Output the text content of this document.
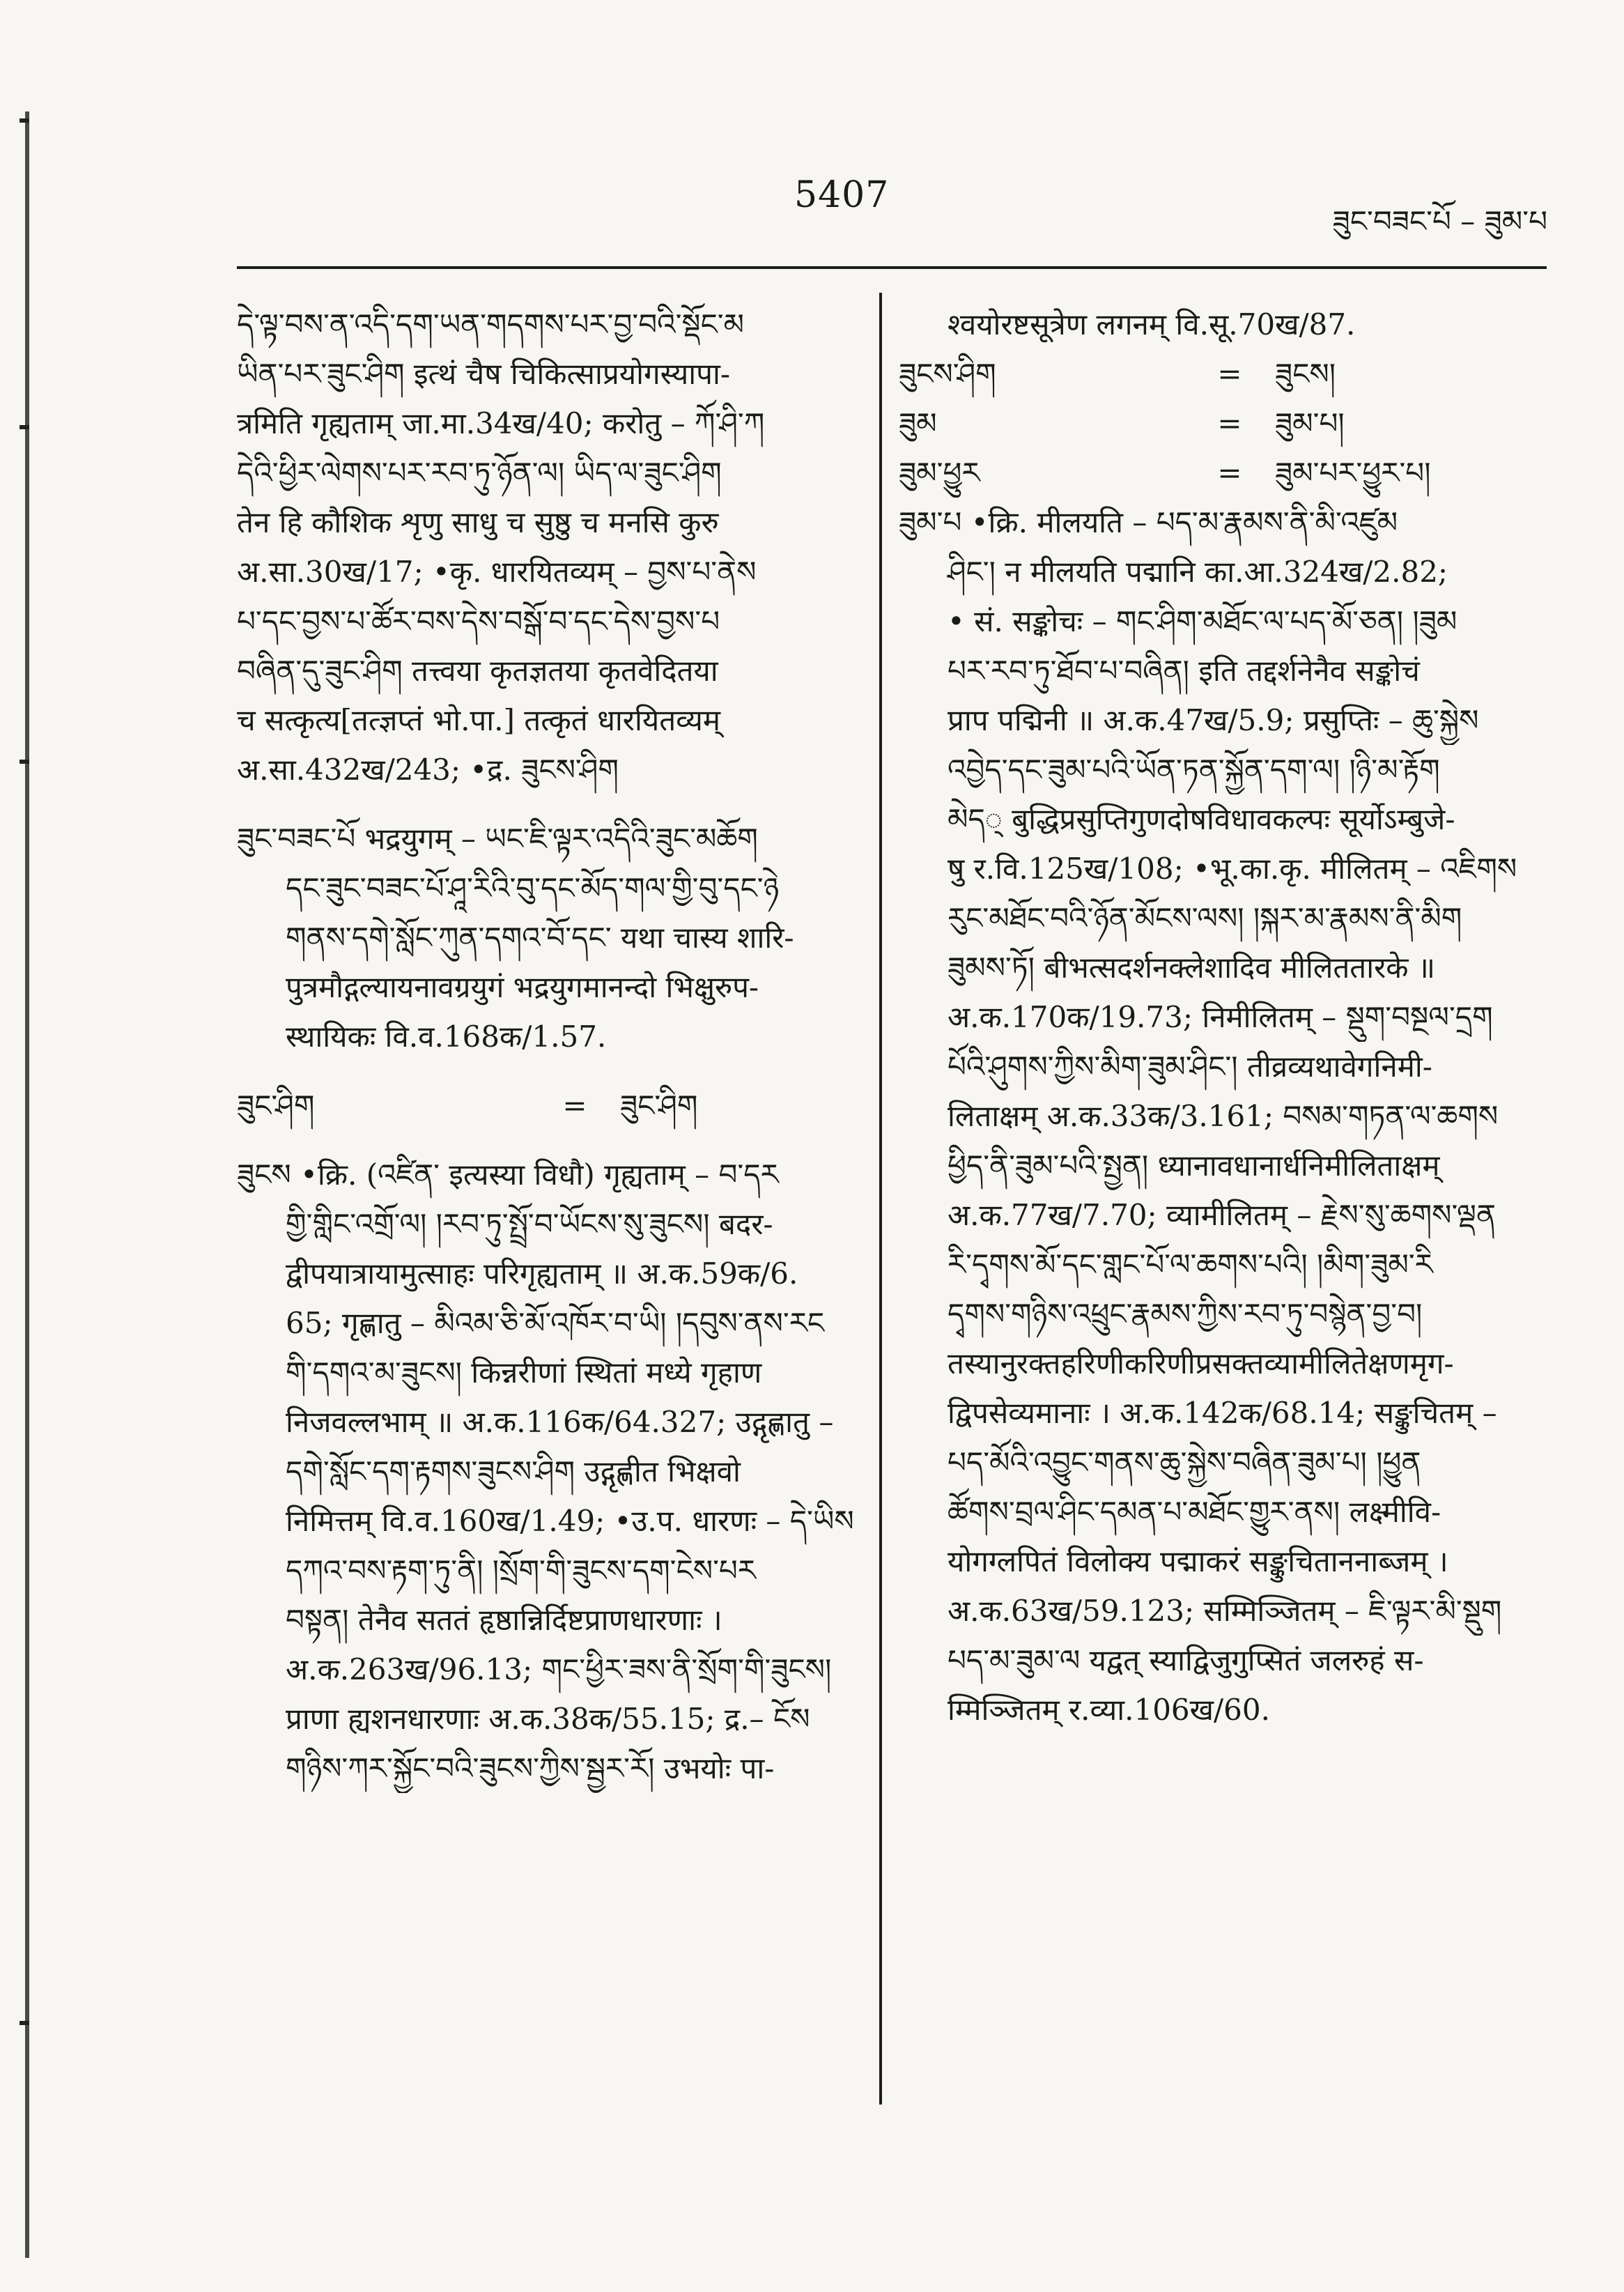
5407
ཟུང་བཟང་པོ – ཟུམ་པ
དེ་ལྟ་བས་ན་འདི་དག་ཡན་གདགས་པར་བྱ་བའི་སྡོང་མ
ཡིན་པར་ཟུང་ཤིག इत्थं चैष चिकित्साप्रयोगस्यापा-
त्रमिति गृह्यताम् जा.मा.34ख/40; करोतु – ཀོ་ཤི་ཀ
དེའི་ཕྱིར་ལེགས་པར་རབ་ཏུ་ཉོན་ལ། ཡིད་ལ་ཟུང་ཤིག
तेन हि कौशिक शृणु साधु च सुष्ठु च मनसि कुरु
अ.सा.30ख/17; •कृ. धारयितव्यम् – བྱས་པ་ནེས
པ་དང་བྱས་པ་ཚོར་བས་དེས་བསྒོ་བ་དང་དེས་བྱས་པ
བཞིན་དུ་ཟུང་ཤིག तत्त्वया कृतज्ञतया कृतवेदितया
च सत्कृत्य[तत्ज्ञप्तं भो.पा.] तत्कृतं धारयितव्यम्
अ.सा.432ख/243; •द्र. ཟུངས་ཤིག
ཟུང་བཟང་པོ भद्रयुगम् – ཡང་ཇི་ལྟར་འདིའི་ཟུང་མཆོག
དང་ཟུང་བཟང་པོ་ཤཱ་རིའི་བུ་དང་མོད་གལ་གྱི་བུ་དང་ཉེ
གནས་དགེ་སློང་ཀུན་དགའ་བོ་དང་ यथा चास्य शारि-
पुत्रमौद्गल्यायनावग्रयुगं भद्रयुगमानन्दो भिक्षुरुप-
स्थायिकः वि.व.168क/1.57.
ཟུང་ཤིག	= ཟུང་ཤིག
ཟུངས •क्रि. (འཛིན་ इत्यस्या विधौ) गृह्यताम् – བ་དར
གྱི་གླིང་འགྲོ་ལ། །རབ་ཏུ་སྤྲོ་བ་ཡོངས་སུ་ཟུངས། बदर-
द्वीपयात्रायामुत्साहः परिगृह्यताम् ॥ अ.क.59क/6.
65; गृह्णातु – མིའམ་ཅི་མོ་འཁོར་བ་ཡི། །དབུས་ནས་རང
གི་དགའ་མ་ཟུངས། किन्नरीणां स्थितां मध्ये गृहाण
निजवल्लभाम् ॥ अ.क.116क/64.327; उद्गृह्णातु –
དགེ་སློང་དག་རྟགས་ཟུངས་ཤིག उद्गृह्णीत भिक्षवो
निमित्तम् वि.व.160ख/1.49; •उ.प. धारणः – དེ་ཡིས
དཀའ་བས་རྟག་ཏུ་ནི། །སྲོག་གི་ཟུངས་དག་ངེས་པར
བསྟན། तेनैव सततं हृष्ठान्निर्दिष्टप्राणधारणाः ।
अ.क.263ख/96.13; གང་ཕྱིར་ཟས་ནི་སྲོག་གི་ཟུངས།
प्राणा ह्यशनधारणाः अ.क.38क/55.15; द्र.– ངོས
གཉིས་ཀར་སྐྱོང་བའི་ཟུངས་ཀྱིས་སྦྱར་རོ། उभयोः पा-
श्वयोरष्टसूत्रेण लगनम् वि.सू.70ख/87.
ཟུངས་ཤིག	= ཟུངས།
ཟུམ	= ཟུམ་པ།
ཟུམ་ཕྱུར	= ཟུམ་པར་ཕྱུར་པ།
ཟུམ་པ •क्रि. मीलयति – པད་མ་རྣམས་ནི་མི་འཛུམ
ཤིང་། न मीलयति पद्मानि का.आ.324ख/2.82;
• सं. सङ्कोचः – གང་ཤིག་མཐོང་ལ་པད་མོ་ཅན། །ཟུམ
པར་རབ་ཏུ་ཐོབ་པ་བཞིན། इति तद्दर्शनेनैव सङ्कोचं
प्राप पद्मिनी ॥ अ.क.47ख/5.9; प्रसुप्तिः – ཆུ་སྐྱེས
འབྱེད་དང་ཟུམ་པའི་ཡོན་ཏན་སྐྱོན་དག་ལ། །ཉི་མ་རྟོག
མེད् बुद्धिप्रसुप्तिगुणदोषविधावकल्पः सूर्योऽम्बुजे-
षु र.वि.125ख/108; •भू.का.कृ. मीलितम् – འཇིགས
རུང་མཐོང་བའི་ཉོན་མོངས་ལས། །སྐར་མ་རྣམས་ནི་མིག
ཟུམས་ཏོ། बीभत्सदर्शनक्लेशादिव मीलिततारके ॥
अ.क.170क/19.73; निमीलितम् – སྡུག་བསྔལ་དྲག
པོའི་ཤུགས་ཀྱིས་མིག་ཟུམ་ཤིང་། तीव्रव्यथावेगनिमी-
लिताक्षम् अ.क.33क/3.161; བསམ་གཏན་ལ་ཆགས
ཕྱིད་ནི་ཟུམ་པའི་སྤྱན། ध्यानावधानार्धनिमीलिताक्षम्
अ.क.77ख/7.70; व्यामीलितम् – རྗེས་སུ་ཆགས་ལྡན
རི་དྭགས་མོ་དང་གླང་པོ་ལ་ཆགས་པའི། །མིག་ཟུམ་རི
དྭགས་གཉིས་འཕྲུང་རྣམས་ཀྱིས་རབ་ཏུ་བསྙེན་བྱ་བ།
तस्यानुरक्तहरिणीकरिणीप्रसक्तव्यामीलितेक्षणमृग-
द्विपसेव्यमानाः । अ.क.142क/68.14; सङ्कुचितम् –
པད་མོའི་འབྱུང་གནས་ཆུ་སྐྱེས་བཞིན་ཟུམ་པ། །ཕྱུན
ཚོགས་བྲལ་ཤིང་དམན་པ་མཐོང་གྱུར་ནས། लक्ष्मीवि-
योगग्लपितं विलोक्य पद्माकरं सङ्कुचिताननाब्जम् ।
अ.क.63ख/59.123; सम्मिञ्जितम् – ཇི་ལྟར་མི་སྡུག
པད་མ་ཟུམ་ལ यद्वत् स्याद्विजुगुप्सितं जलरुहं स-
म्मिञ्जितम् र.व्या.106ख/60.
